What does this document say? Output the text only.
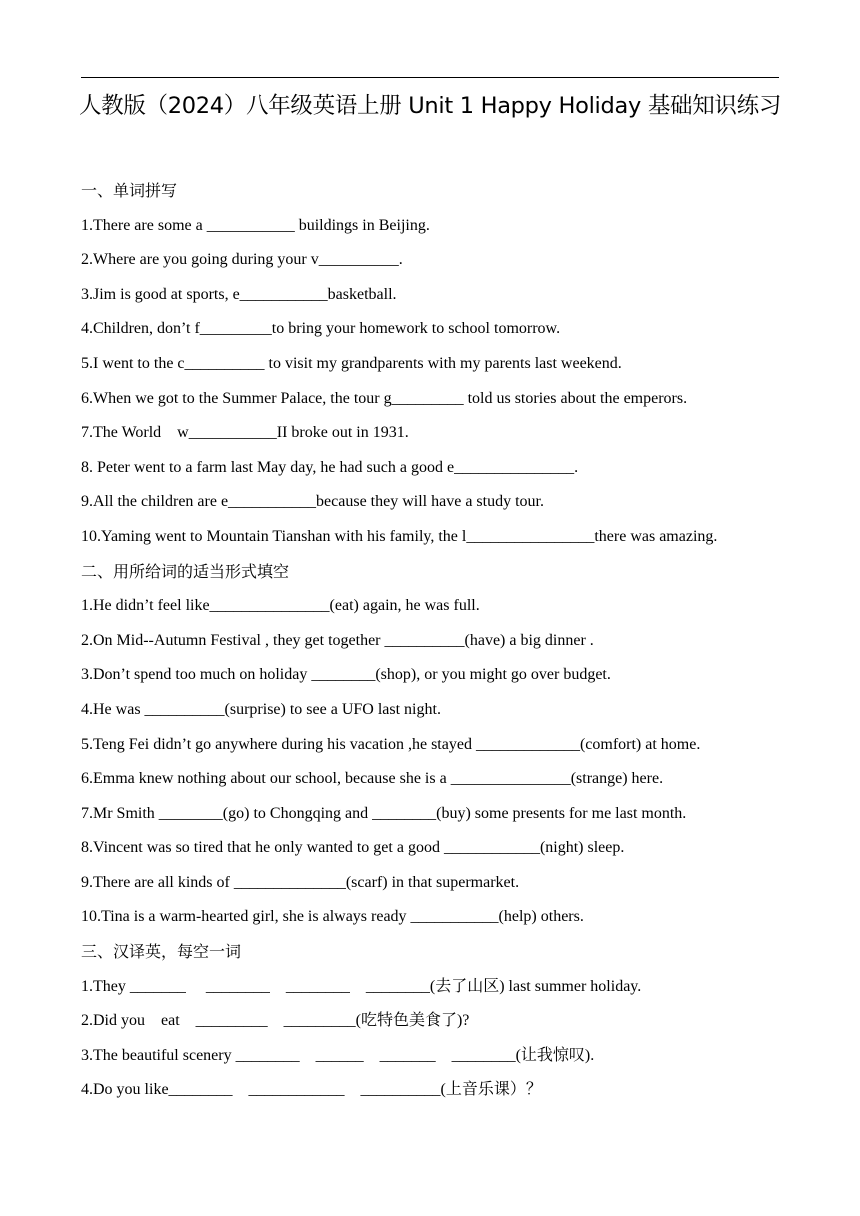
人教版（2024）八年级英语上册 Unit 1 Happy Holiday 基础知识练习
一、单词拼写
1.There are some a ___________ buildings in Beijing.
2.Where are you going during your v__________.
3.Jim is good at sports, e___________basketball.
4.Children, don’t f_________to bring your homework to school tomorrow.
5.I went to the c__________ to visit my grandparents with my parents last weekend.
6.When we got to the Summer Palace, the tour g_________ told us stories about the emperors.
7.The World    w___________II broke out in 1931.
8. Peter went to a farm last May day, he had such a good e_______________.
9.All the children are e___________because they will have a study tour.
10.Yaming went to Mountain Tianshan with his family, the l________________there was amazing.
二、用所给词的适当形式填空
1.He didn’t feel like_______________(eat) again, he was full.
2.On Mid--Autumn Festival , they get together __________(have) a big dinner .
3.Don’t spend too much on holiday ________(shop), or you might go over budget.
4.He was __________(surprise) to see a UFO last night.
5.Teng Fei didn’t go anywhere during his vacation ,he stayed _____________(comfort) at home.
6.Emma knew nothing about our school, because she is a _______________(strange) here.
7.Mr Smith ________(go) to Chongqing and ________(buy) some presents for me last month.
8.Vincent was so tired that he only wanted to get a good ____________(night) sleep.
9.There are all kinds of ______________(scarf) in that supermarket.
10.Tina is a warm-hearted girl, she is always ready ___________(help) others.
三、汉译英，每空一词
1.They _______     ________    ________    ________(去了山区) last summer holiday.
2.Did you    eat    _________    _________(吃特色美食了)?
3.The beautiful scenery ________    ______    _______    ________(让我惊叹).
4.Do you like________    ____________    __________(上音乐课）？
